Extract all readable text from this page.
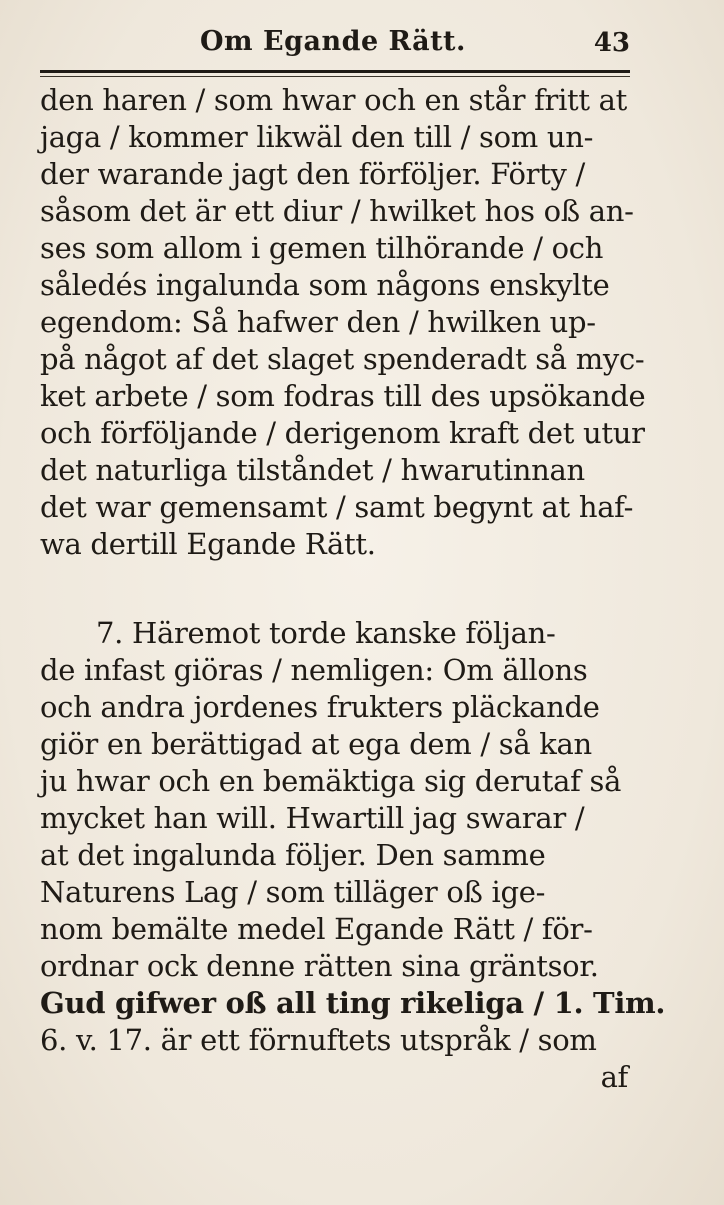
Om Egande Rätt.	43
den haren / som hwar och en står fritt at
jaga / kommer likwäl den till / som un-
der warande jagt den förföljer. Förty /
såsom det är ett diur / hwilket hos oß an-
ses som allom i gemen tilhörande / och
såledés ingalunda som någons enskylte
egendom: Så hafwer den / hwilken up-
på något af det slaget spenderadt så myc-
ket arbete / som fodras till des upsökande
och förföljande / derigenom kraft det utur
det naturliga tilståndet / hwarutinnan
det war gemensamt / samt begynt at haf-
wa dertill Egande Rätt.
7. Häremot torde kanske följan-
de infast giöras / nemligen: Om ällons
och andra jordenes frukters pläckande
giör en berättigad at ega dem / så kan
ju hwar och en bemäktiga sig derutaf så
mycket han will. Hwartill jag swarar /
at det ingalunda följer. Den samme
Naturens Lag / som tilläger oß ige-
nom bemälte medel Egande Rätt / för-
ordnar ock denne rätten sina gräntsor.
Gud gifwer oß all ting rikeliga / 1. Tim.
6. v. 17. är ett förnuftets utspråk / som
af
